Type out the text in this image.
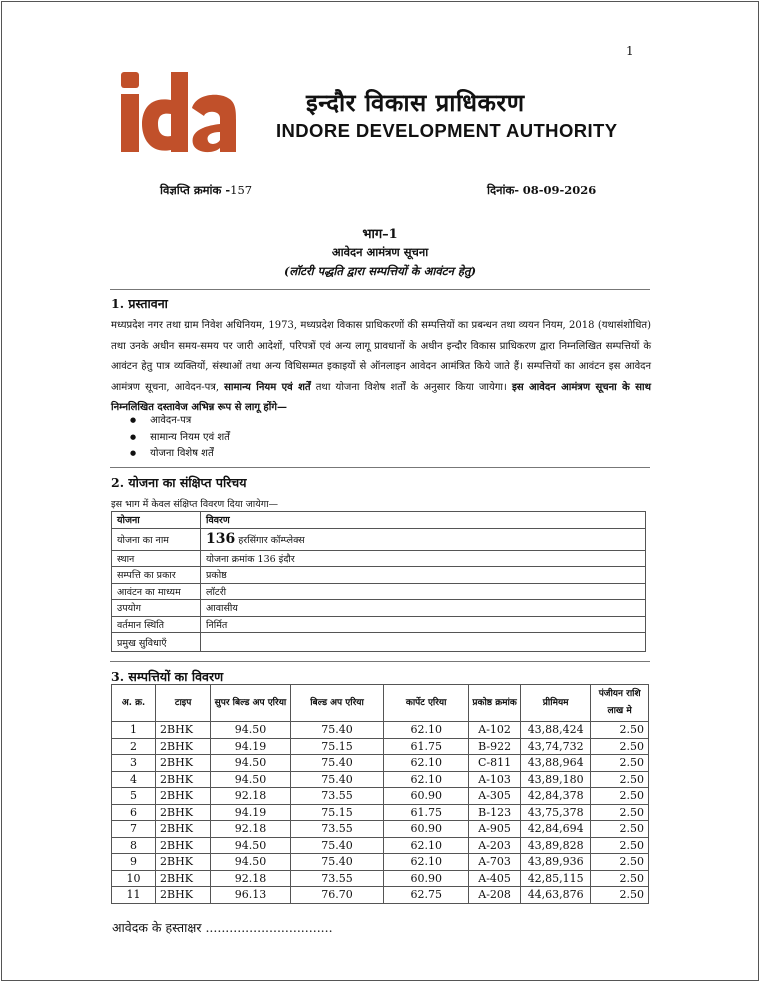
1
इन्दौर विकास प्राधिकरण
INDORE DEVELOPMENT AUTHORITY
विज्ञप्ति क्रमांक -157	दिनांक- 08-09-2026
भाग–1
आवेदन आमंत्रण सूचना
(लॉटरी पद्धति द्वारा सम्पत्तियों के आवंटन हेतु)
1. प्रस्तावना
मध्यप्रदेश नगर तथा ग्राम निवेश अधिनियम, 1973, मध्यप्रदेश विकास प्राधिकरणों की सम्पत्तियों का प्रबन्धन तथा व्ययन नियम, 2018 (यथासंशोधित) तथा उनके अधीन समय-समय पर जारी आदेशों, परिपत्रों एवं अन्य लागू प्रावधानों के अधीन इन्दौर विकास प्राधिकरण द्वारा निम्नलिखित सम्पत्तियों के आवंटन हेतु पात्र व्यक्तियों, संस्थाओं तथा अन्य विधिसम्मत इकाइयों से ऑनलाइन आवेदन आमंत्रित किये जाते हैं। सम्पत्तियों का आवंटन इस आवेदन आमंत्रण सूचना, आवेदन-पत्र, सामान्य नियम एवं शर्तें तथा योजना विशेष शर्तों के अनुसार किया जायेगा। इस आवेदन आमंत्रण सूचना के साथ निम्नलिखित दस्तावेज अभिन्न रूप से लागू होंगे—
● आवेदन-पत्र
● सामान्य नियम एवं शर्तें
● योजना विशेष शर्तें
2. योजना का संक्षिप्त परिचय
इस भाग में केवल संक्षिप्त विवरण दिया जायेगा—
योजना	विवरण
योजना का नाम	136 हरसिंगार कॉम्प्लेक्स
स्थान	योजना क्रमांक 136 इंदौर
सम्पत्ति का प्रकार	प्रकोष्ठ
आवंटन का माध्यम	लॉटरी
उपयोग	आवासीय
वर्तमान स्थिति	निर्मित
प्रमुख सुविधाएँ	
3. सम्पत्तियों का विवरण
अ. क्र.	टाइप	सुपर बिल्ड अप एरिया	बिल्ड अप एरिया	कार्पेट एरिया	प्रकोष्ठ क्रमांक	प्रीमियम	पंजीयन राशि लाख मे
1	2BHK	94.50	75.40	62.10	A-102	43,88,424	2.50
2	2BHK	94.19	75.15	61.75	B-922	43,74,732	2.50
3	2BHK	94.50	75.40	62.10	C-811	43,88,964	2.50
4	2BHK	94.50	75.40	62.10	A-103	43,89,180	2.50
5	2BHK	92.18	73.55	60.90	A-305	42,84,378	2.50
6	2BHK	94.19	75.15	61.75	B-123	43,75,378	2.50
7	2BHK	92.18	73.55	60.90	A-905	42,84,694	2.50
8	2BHK	94.50	75.40	62.10	A-203	43,89,828	2.50
9	2BHK	94.50	75.40	62.10	A-703	43,89,936	2.50
10	2BHK	92.18	73.55	60.90	A-405	42,85,115	2.50
11	2BHK	96.13	76.70	62.75	A-208	44,63,876	2.50
आवेदक के हस्ताक्षर ................................
